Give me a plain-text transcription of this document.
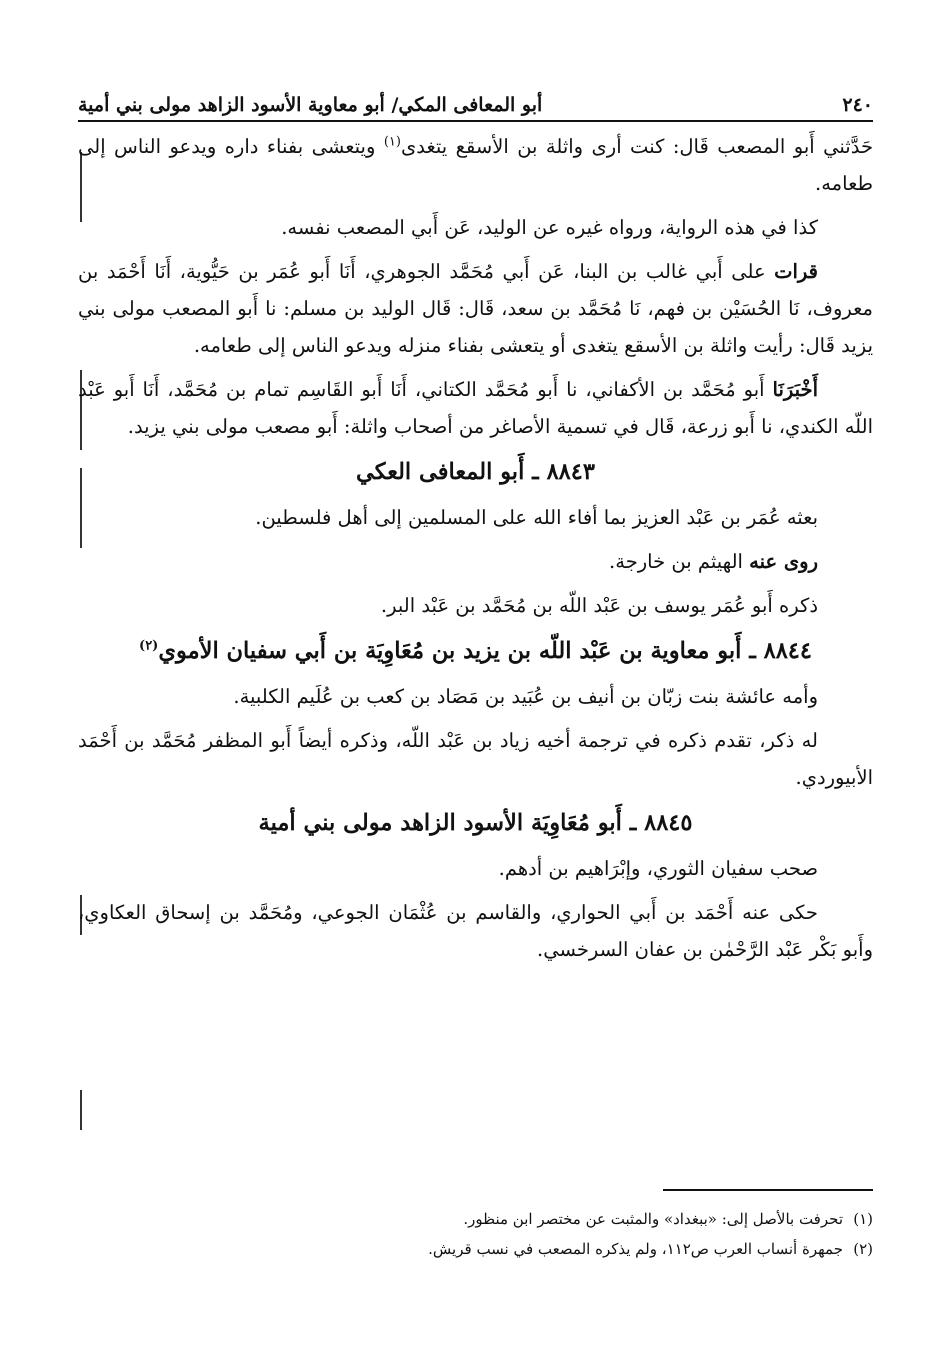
٢٤٠
أبو المعافى المكي/ أبو معاوية الأسود الزاهد مولى بني أمية

حَدَّثني أَبو المصعب قَال: كنت أرى واثلة بن الأسقع يتغدى$^{(١)}$ ويتعشى بفناء داره ويدعو الناس إلى طعامه.

كذا في هذه الرواية، ورواه غيره عن الوليد، عَن أَبي المصعب نفسه.

قرات على أَبي غالب بن البنا، عَن أَبي مُحَمَّد الجوهري، أَنَا أَبو عُمَر بن حَيُّوية، أَنَا أَحْمَد بن معروف، نَا الحُسَيْن بن فهم، نَا مُحَمَّد بن سعد، قَال: قَال الوليد بن مسلم: نا أَبو المصعب مولى بني يزيد قَال: رأيت واثلة بن الأسقع يتغدى أو يتعشى بفناء منزله ويدعو الناس إلى طعامه.

أَخْبَرَنَا أَبو مُحَمَّد بن الأكفاني، نا أَبو مُحَمَّد الكتاني، أَنَا أَبو القَاسِم تمام بن مُحَمَّد، أَنَا أَبو عَبْد اللّه الكندي، نا أَبو زرعة، قَال في تسمية الأصاغر من أصحاب واثلة: أَبو مصعب مولى بني يزيد.

٨٨٤٣ ـ أَبو المعافى العكي

بعثه عُمَر بن عَبْد العزيز بما أفاء الله على المسلمين إلى أهل فلسطين.

روى عنه الهيثم بن خارجة.

ذكره أَبو عُمَر يوسف بن عَبْد اللّه بن مُحَمَّد بن عَبْد البر.

٨٨٤٤ ـ أَبو معاوية بن عَبْد اللّه بن يزيد بن مُعَاوِيَة بن أَبي سفيان الأموي$^{(٢)}$

وأمه عائشة بنت زبّان بن أنيف بن عُبَيد بن مَصَاد بن كعب بن عُلَيم الكلبية.

له ذكر، تقدم ذكره في ترجمة أخيه زياد بن عَبْد اللّه، وذكره أيضاً أَبو المظفر مُحَمَّد بن أَحْمَد الأبيوردي.

٨٨٤٥ ـ أَبو مُعَاوِيَة الأسود الزاهد مولى بني أمية

صحب سفيان الثوري، وإبْرَاهيم بن أدهم.

حكى عنه أَحْمَد بن أَبي الحواري، والقاسم بن عُثْمَان الجوعي، ومُحَمَّد بن إسحاق العكاوي، وأَبو بَكْر عَبْد الرَّحْمٰن بن عفان السرخسي.

(١)تحرفت بالأصل إلى: «ببغداد» والمثبت عن مختصر ابن منظور.
(٢)جمهرة أنساب العرب ص١١٢، ولم يذكره المصعب في نسب قريش.
